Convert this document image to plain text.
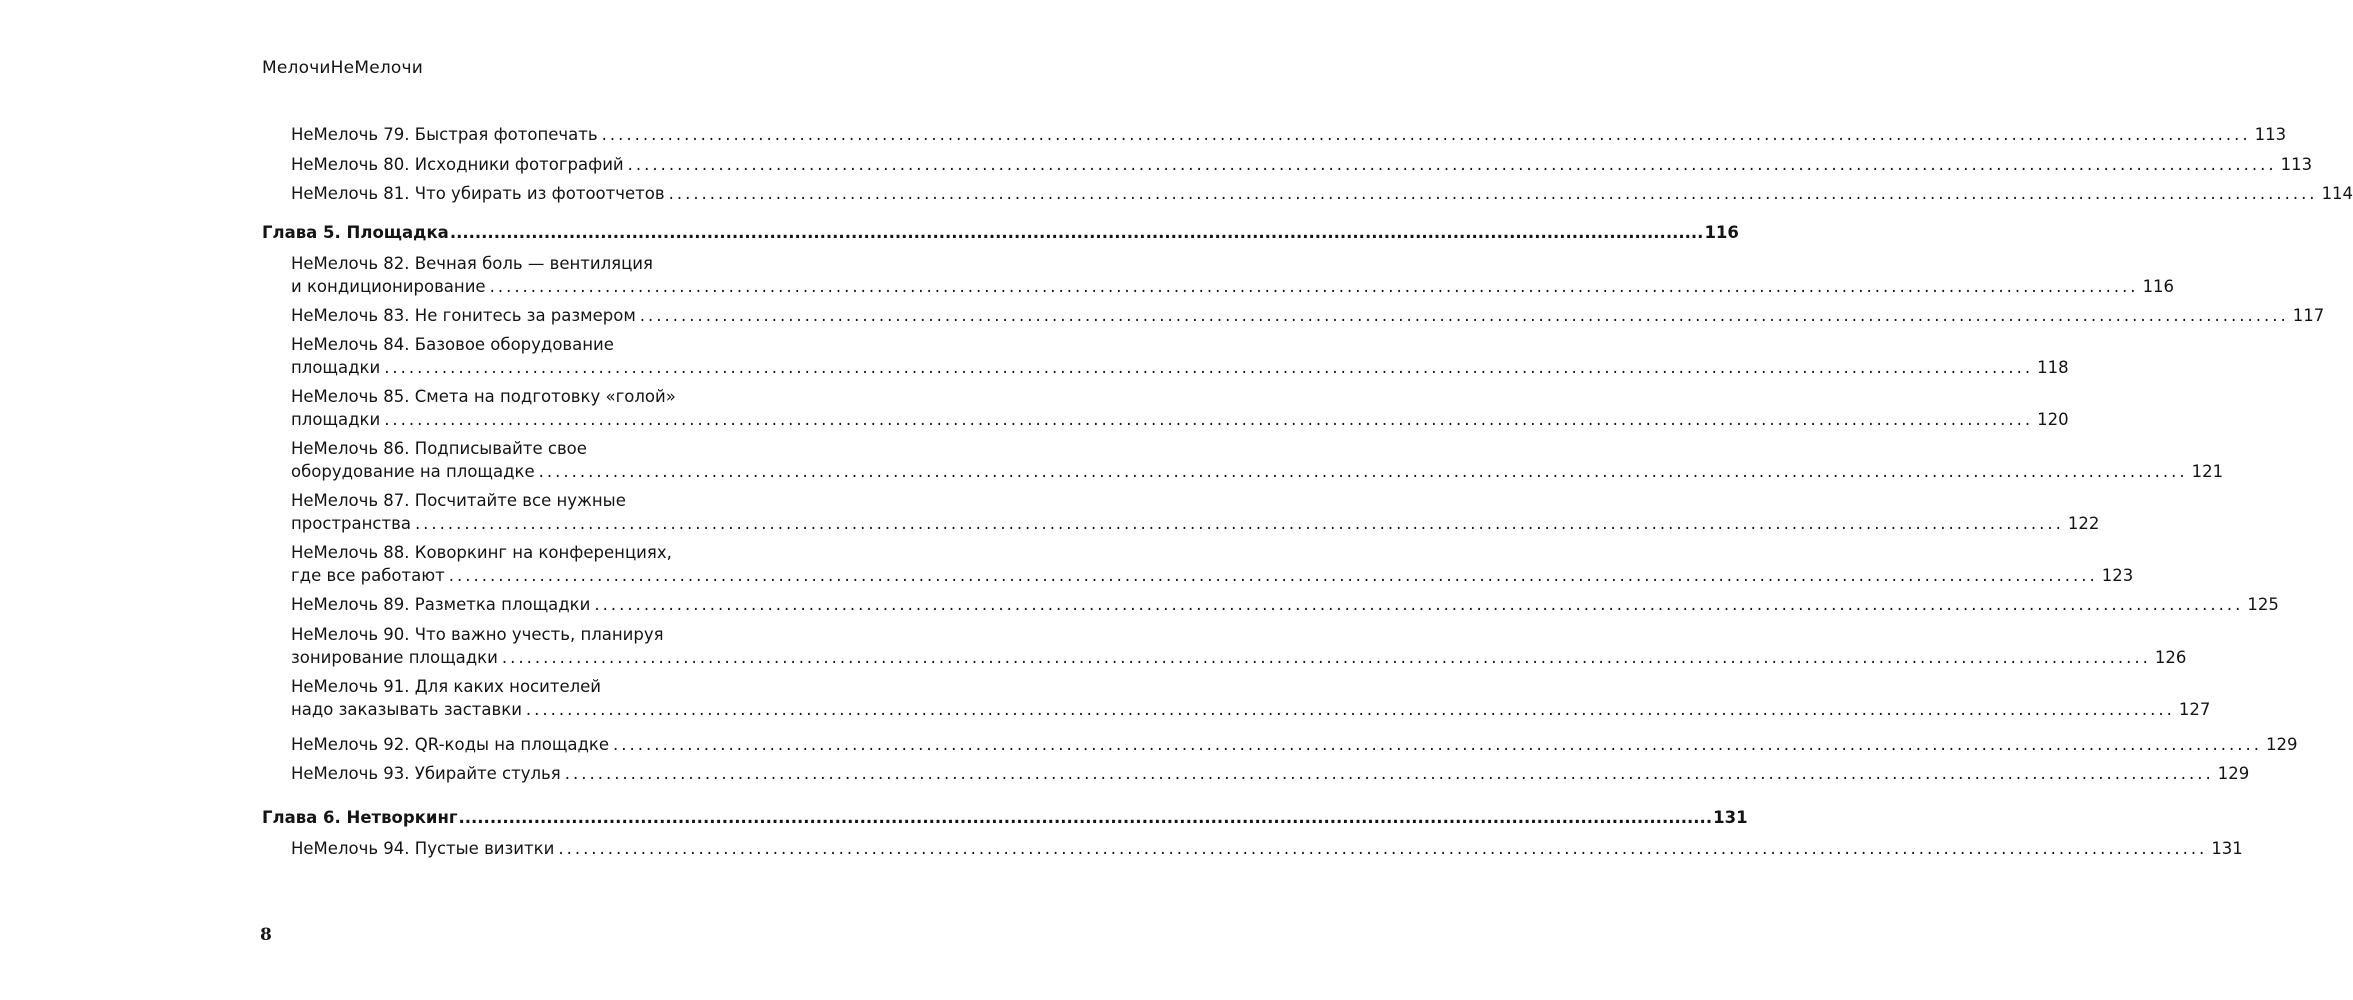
МелочиНеМелочи
НеМелочь 79. Быстрая фотопечать ........................................................................................................................................................................................................ 113
НеМелочь 80. Исходники фотографий ........................................................................................................................................................................................................ 113
НеМелочь 81. Что убирать из фотоотчетов ........................................................................................................................................................................................................ 114
Глава 5. Площадка ........................................................................................................................................................................................................ 116
НеМелочь 82. Вечная боль — вентиляция
и кондиционирование ........................................................................................................................................................................................................ 116
НеМелочь 83. Не гонитесь за размером ........................................................................................................................................................................................................ 117
НеМелочь 84. Базовое оборудование
площадки ........................................................................................................................................................................................................ 118
НеМелочь 85. Смета на подготовку «голой»
площадки ........................................................................................................................................................................................................ 120
НеМелочь 86. Подписывайте свое
оборудование на площадке ........................................................................................................................................................................................................ 121
НеМелочь 87. Посчитайте все нужные
пространства ........................................................................................................................................................................................................ 122
НеМелочь 88. Коворкинг на конференциях,
где все работают ........................................................................................................................................................................................................ 123
НеМелочь 89. Разметка площадки ........................................................................................................................................................................................................ 125
НеМелочь 90. Что важно учесть, планируя
зонирование площадки ........................................................................................................................................................................................................ 126
НеМелочь 91. Для каких носителей
надо заказывать заставки ........................................................................................................................................................................................................ 127
НеМелочь 92. QR-коды на площадке ........................................................................................................................................................................................................ 129
НеМелочь 93. Убирайте стулья ........................................................................................................................................................................................................ 129
Глава 6. Нетворкинг ........................................................................................................................................................................................................ 131
НеМелочь 94. Пустые визитки ........................................................................................................................................................................................................ 131
8
